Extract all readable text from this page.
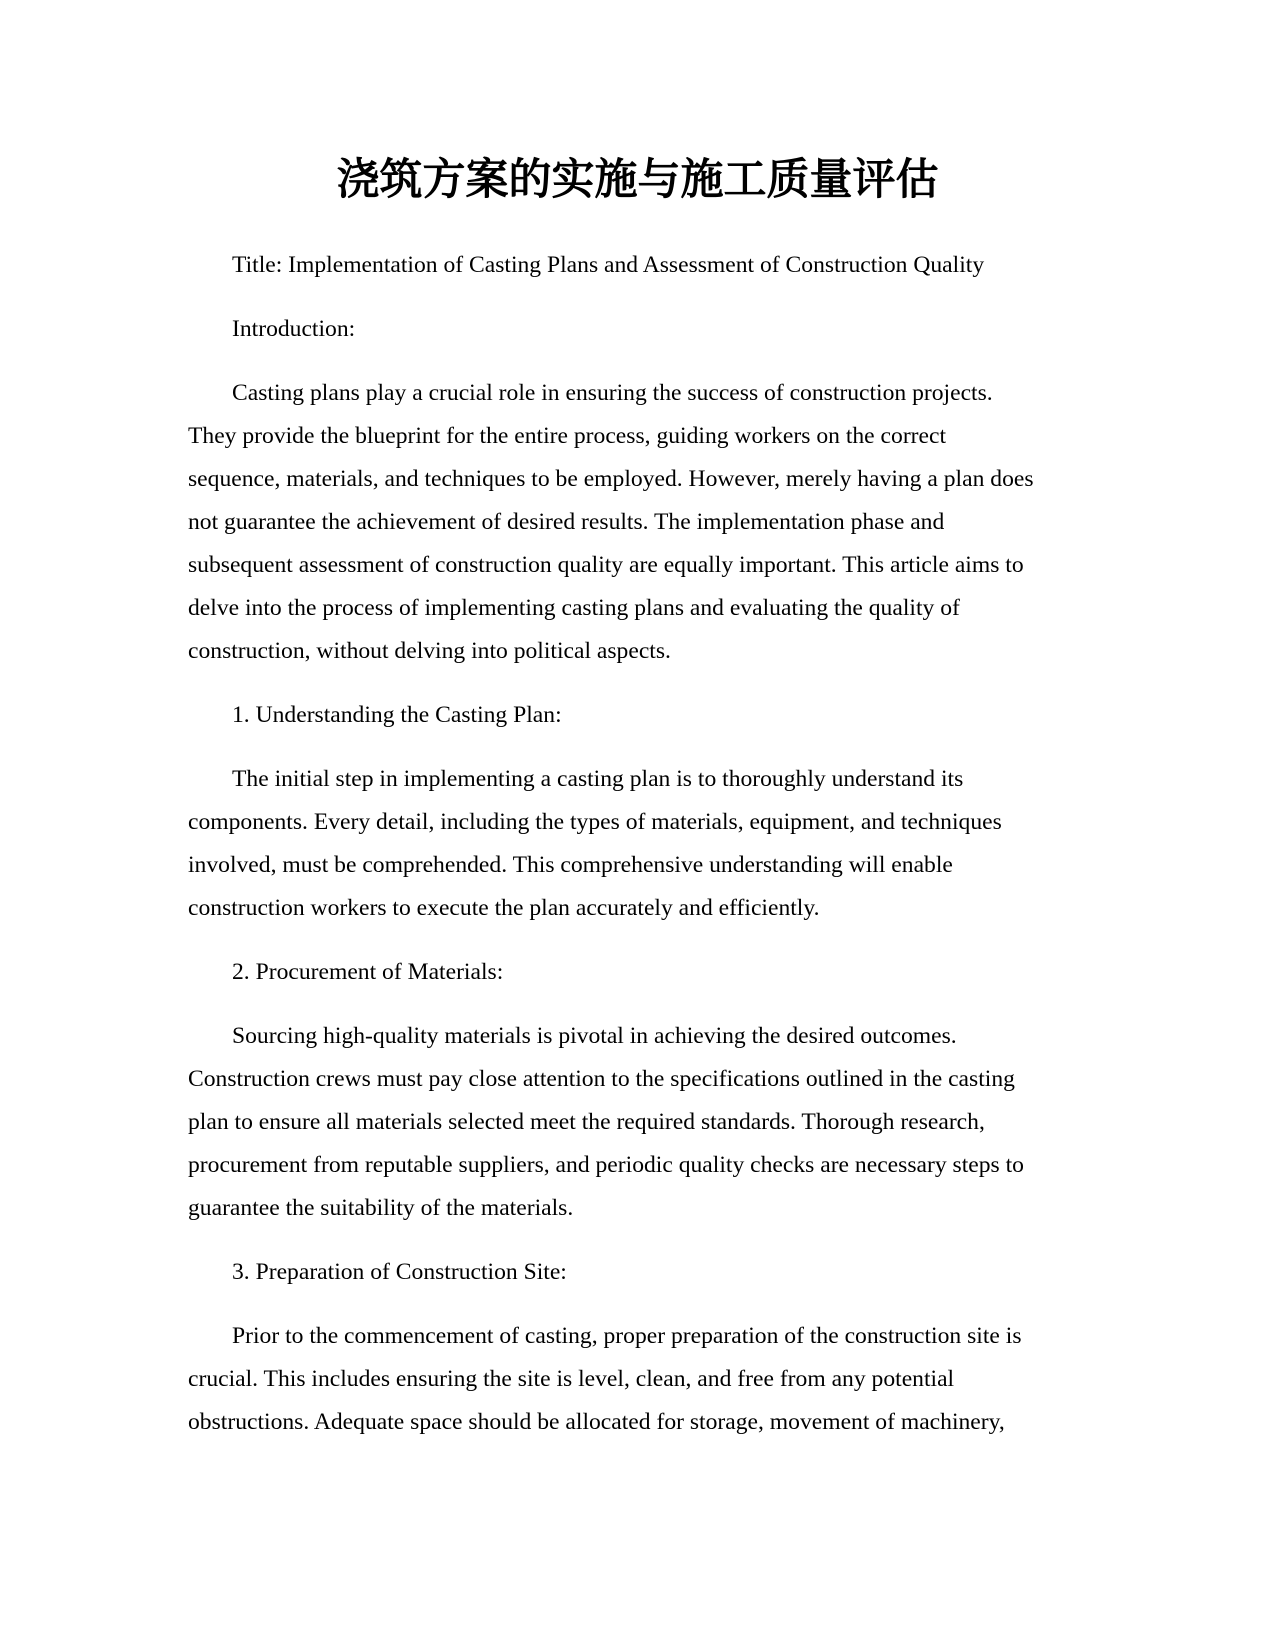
浇筑方案的实施与施工质量评估

Title: Implementation of Casting Plans and Assessment of Construction Quality

Introduction:

Casting plans play a crucial role in ensuring the success of construction projects.
They provide the blueprint for the entire process, guiding workers on the correct
sequence, materials, and techniques to be employed. However, merely having a plan does
not guarantee the achievement of desired results. The implementation phase and
subsequent assessment of construction quality are equally important. This article aims to
delve into the process of implementing casting plans and evaluating the quality of
construction, without delving into political aspects.

1. Understanding the Casting Plan:

The initial step in implementing a casting plan is to thoroughly understand its
components. Every detail, including the types of materials, equipment, and techniques
involved, must be comprehended. This comprehensive understanding will enable
construction workers to execute the plan accurately and efficiently.

2. Procurement of Materials:

Sourcing high-quality materials is pivotal in achieving the desired outcomes.
Construction crews must pay close attention to the specifications outlined in the casting
plan to ensure all materials selected meet the required standards. Thorough research,
procurement from reputable suppliers, and periodic quality checks are necessary steps to
guarantee the suitability of the materials.

3. Preparation of Construction Site:

Prior to the commencement of casting, proper preparation of the construction site is
crucial. This includes ensuring the site is level, clean, and free from any potential
obstructions. Adequate space should be allocated for storage, movement of machinery,
